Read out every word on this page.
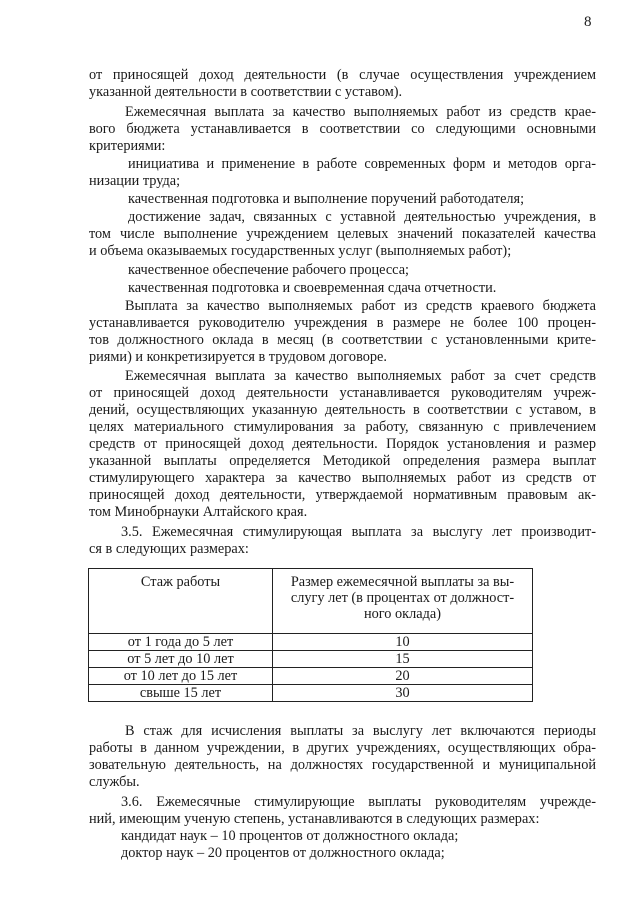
8
от приносящей доход деятельности (в случае осуществления учреждением
указанной деятельности в соответствии с уставом).
Ежемесячная выплата за качество выполняемых работ из средств крае-
вого бюджета устанавливается в соответствии со следующими основными
критериями:
инициатива и применение в работе современных форм и методов орга-
низации труда;
качественная подготовка и выполнение поручений работодателя;
достижение задач, связанных с уставной деятельностью учреждения, в
том числе выполнение учреждением целевых значений показателей качества
и объема оказываемых государственных услуг (выполняемых работ);
качественное обеспечение рабочего процесса;
качественная подготовка и своевременная сдача отчетности.
Выплата за качество выполняемых работ из средств краевого бюджета
устанавливается руководителю учреждения в размере не более 100 процен-
тов должностного оклада в месяц (в соответствии с установленными крите-
риями) и конкретизируется в трудовом договоре.
Ежемесячная выплата за качество выполняемых работ за счет средств
от приносящей доход деятельности устанавливается руководителям учреж-
дений, осуществляющих указанную деятельность в соответствии с уставом, в
целях материального стимулирования за работу, связанную с привлечением
средств от приносящей доход деятельности. Порядок установления и размер
указанной выплаты определяется Методикой определения размера выплат
стимулирующего характера за качество выполняемых работ из средств от
приносящей доход деятельности, утверждаемой нормативным правовым ак-
том Минобрнауки Алтайского края.
3.5. Ежемесячная стимулирующая выплата за выслугу лет производит-
ся в следующих размерах:
Стаж работы	Размер ежемесячной выплаты за вы-
слугу лет (в процентах от должност-
ного оклада)

от 1 года до 5 лет	10
от 5 лет до 10 лет	15
от 10 лет до 15 лет	20
свыше 15 лет	30
В стаж для исчисления выплаты за выслугу лет включаются периоды
работы в данном учреждении, в других учреждениях, осуществляющих обра-
зовательную деятельность, на должностях государственной и муниципальной
службы.
3.6. Ежемесячные стимулирующие выплаты руководителям учрежде-
ний, имеющим ученую степень, устанавливаются в следующих размерах:
кандидат наук – 10 процентов от должностного оклада;
доктор наук – 20 процентов от должностного оклада;
